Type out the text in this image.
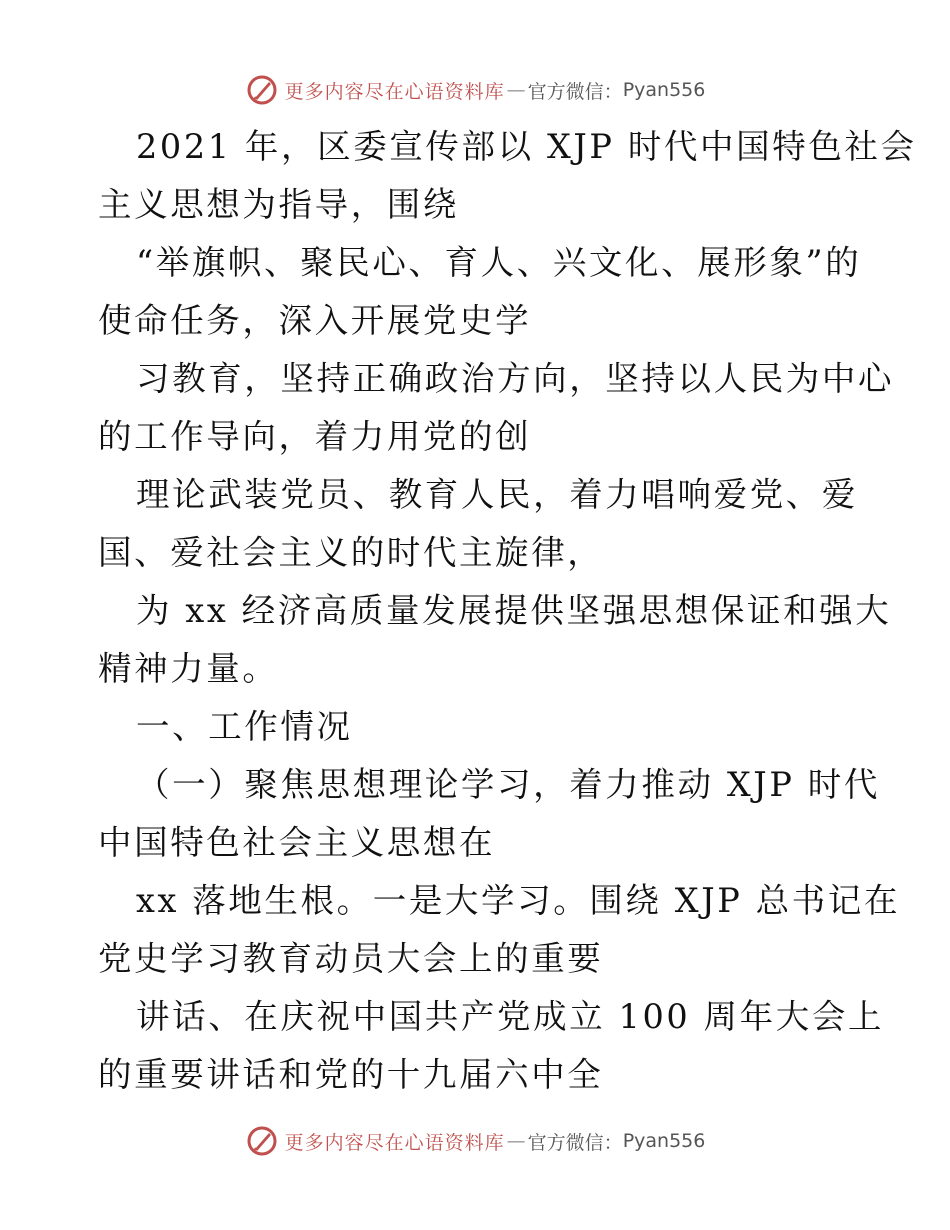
更多内容尽在心语资料库 — 官方微信： Pyan556
2021 年，区委宣传部以 XJP 时代中国特色社会
主义思想为指导，围绕
“举旗帜、聚民心、育人、兴文化、展形象”的
使命任务，深入开展党史学
习教育，坚持正确政治方向，坚持以人民为中心
的工作导向，着力用党的创
理论武装党员、教育人民，着力唱响爱党、爱
国、爱社会主义的时代主旋律，
为 xx 经济高质量发展提供坚强思想保证和强大
精神力量。
一、工作情况
（一）聚焦思想理论学习，着力推动 XJP 时代
中国特色社会主义思想在
xx 落地生根。一是大学习。围绕 XJP 总书记在
党史学习教育动员大会上的重要
讲话、在庆祝中国共产党成立 100 周年大会上
的重要讲话和党的十九届六中全
更多内容尽在心语资料库 — 官方微信： Pyan556
